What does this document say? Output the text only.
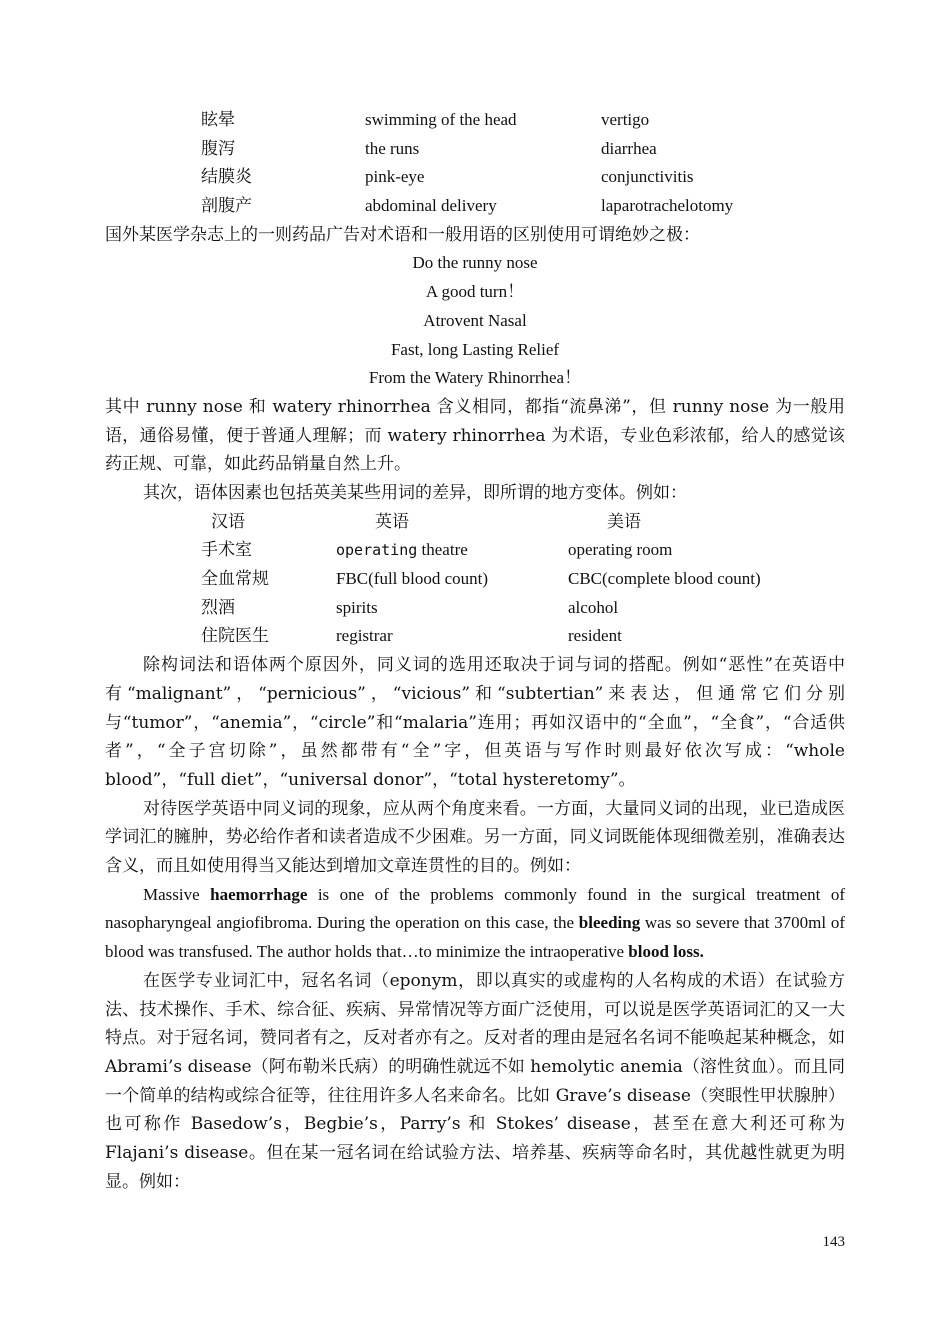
眩晕	swimming of the head	vertigo
腹泻	the runs	diarrhea
结膜炎	pink-eye	conjunctivitis
剖腹产	abdominal delivery	laparotrachelotomy
国外某医学杂志上的一则药品广告对术语和一般用语的区别使用可谓绝妙之极：
Do the runny nose
A good turn！
Atrovent Nasal
Fast, long Lasting Relief
From the Watery Rhinorrhea！

其中 runny nose 和 watery rhinorrhea 含义相同，都指“流鼻涕”，但 runny nose 为一般用语，通俗易懂，便于普通人理解；而 watery rhinorrhea 为术语，专业色彩浓郁，给人的感觉该药正规、可靠，如此药品销量自然上升。

其次，语体因素也包括英美某些用词的差异，即所谓的地方变体。例如：

汉语	英语	美语
手术室	operating theatre	operating room
全血常规	FBC(full blood count)	CBC(complete blood count)
烈酒	spirits	alcohol
住院医生	registrar	resident

除构词法和语体两个原因外，同义词的选用还取决于词与词的搭配。例如“恶性”在英语中有“malignant”，“pernicious”，“vicious”和“subtertian”来表达，但通常它们分别与“tumor”，“anemia”，“circle”和“malaria”连用；再如汉语中的“全血”，“全食”，“合适供者”，“全子宫切除”，虽然都带有“全”字，但英语与写作时则最好依次写成：“whole blood”，“full diet”，“universal donor”，“total hysteretomy”。

对待医学英语中同义词的现象，应从两个角度来看。一方面，大量同义词的出现，业已造成医学词汇的臃肿，势必给作者和读者造成不少困难。另一方面，同义词既能体现细微差别，准确表达含义，而且如使用得当又能达到增加文章连贯性的目的。例如：

Massive haemorrhage is one of the problems commonly found in the surgical treatment of nasopharyngeal angiofibroma. During the operation on this case, the bleeding was so severe that 3700ml of blood was transfused. The author holds that…to minimize the intraoperative blood loss.

在医学专业词汇中，冠名名词（eponym，即以真实的或虚构的人名构成的术语）在试验方法、技术操作、手术、综合征、疾病、异常情况等方面广泛使用，可以说是医学英语词汇的又一大特点。对于冠名词，赞同者有之，反对者亦有之。反对者的理由是冠名名词不能唤起某种概念，如 Abrami’s disease（阿布勒米氏病）的明确性就远不如 hemolytic anemia（溶性贫血）。而且同一个简单的结构或综合征等，往往用许多人名来命名。比如 Grave’s disease（突眼性甲状腺肿）也可称作 Basedow’s，Begbie’s，Parry’s 和 Stokes’ disease，甚至在意大利还可称为 Flajani’s disease。但在某一冠名词在给试验方法、培养基、疾病等命名时，其优越性就更为明显。例如：

143
